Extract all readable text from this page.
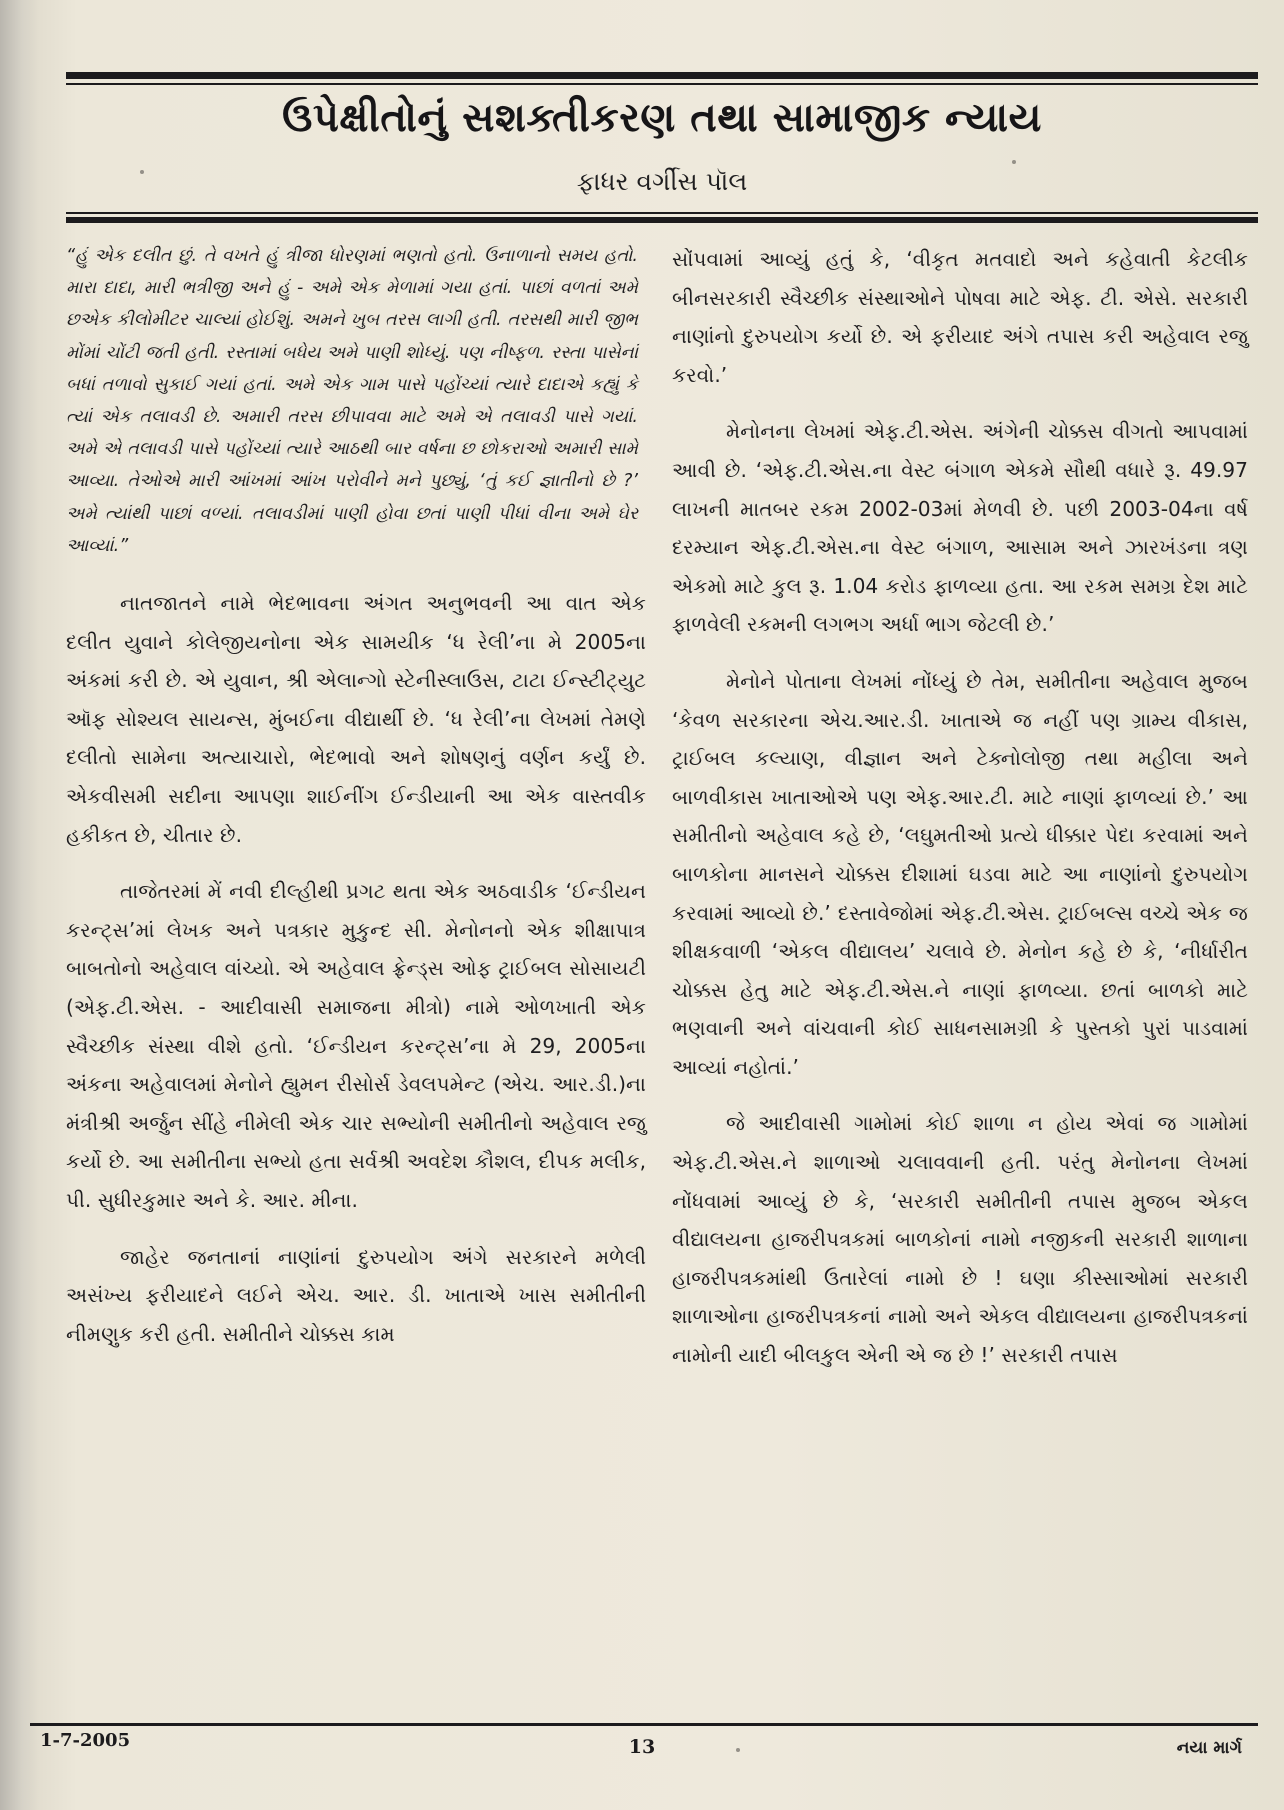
ઉપેક્ષીતોનું સશક્તીકરણ તથા સામાજીક ન્યાય
ફાધર વર્ગીસ પૉલ

“હું એક દલીત છું. તે વખતે હું ત્રીજા ધોરણમાં ભણતો હતો. ઉનાળાનો સમય હતો. મારા દાદા, મારી ભત્રીજી અને હું - અમે એક મેળામાં ગયા હતાં. પાછાં વળતાં અમે છએક કીલોમીટર ચાલ્યાં હોઈશું. અમને ખુબ તરસ લાગી હતી. તરસથી મારી જીભ મોંમાં ચોંટી જતી હતી. રસ્તામાં બધેય અમે પાણી શોધ્યું. પણ નીષ્ફળ. રસ્તા પાસેનાં બધાં તળાવો સુકાઈ ગયાં હતાં. અમે એક ગામ પાસે પહોંચ્યાં ત્યારે દાદાએ કહ્યું કે ત્યાં એક તલાવડી છે. અમારી તરસ છીપાવવા માટે અમે એ તલાવડી પાસે ગયાં. અમે એ તલાવડી પાસે પહોંચ્યાં ત્યારે આઠથી બાર વર્ષના છ છોકરાઓ અમારી સામે આવ્યા. તેઓએ મારી આંખમાં આંખ પરોવીને મને પુછ્યું, ‘તું કઈ જ્ઞાતીનો છે ?’ અમે ત્યાંથી પાછાં વળ્યાં. તલાવડીમાં પાણી હોવા છતાં પાણી પીધાં વીના અમે ઘેર આવ્યાં.”

નાતજાતને નામે ભેદભાવના અંગત અનુભવની આ વાત એક દલીત યુવાને કોલેજીયનોના એક સામયીક ‘ધ રેલી’ના મે 2005ના અંકમાં કરી છે. એ યુવાન, શ્રી એલાન્ગો સ્ટેનીસ્લાઉસ, ટાટા ઈન્સ્ટીટ્યુટ ઑફ સોશ્યલ સાયન્સ, મુંબઈના વીદ્યાર્થી છે. ‘ધ રેલી’ના લેખમાં તેમણે દલીતો સામેના અત્યાચારો, ભેદભાવો અને શોષણનું વર્ણન કર્યું છે. એકવીસમી સદીના આપણા શાઈનીંગ ઈન્ડીયાની આ એક વાસ્તવીક હકીકત છે, ચીતાર છે.

તાજેતરમાં મેં નવી દીલ્હીથી પ્રગટ થતા એક અઠવાડીક ‘ઈન્ડીયન કરન્ટ્સ’માં લેખક અને પત્રકાર મુકુન્દ સી. મેનોનનો એક શીક્ષાપાત્ર બાબતોનો અહેવાલ વાંચ્યો. એ અહેવાલ ફ્રેન્ડ્સ ઓફ ટ્રાઈબલ સોસાયટી (એફ.ટી.એસ. - આદીવાસી સમાજના મીત્રો) નામે ઓળખાતી એક સ્વૈચ્છીક સંસ્થા વીશે હતો. ‘ઈન્ડીયન કરન્ટ્સ’ના મે 29, 2005ના અંકના અહેવાલમાં મેનોને હ્યુમન રીસોર્સ ડેવલપમેન્ટ (એચ. આર.ડી.)ના મંત્રીશ્રી અર્જુન સીંહે નીમેલી એક ચાર સભ્યોની સમીતીનો અહેવાલ રજુ કર્યો છે. આ સમીતીના સભ્યો હતા સર્વશ્રી અવદેશ કૌશલ, દીપક મલીક, પી. સુધીરકુમાર અને કે. આર. મીના.

જાહેર જનતાનાં નાણાંનાં દુરુપયોગ અંગે સરકારને મળેલી અસંખ્ય ફરીયાદને લઈને એચ. આર. ડી. ખાતાએ ખાસ સમીતીની નીમણુક કરી હતી. સમીતીને ચોક્કસ કામ

સોંપવામાં આવ્યું હતું કે, ‘વીકૃત મતવાદો અને કહેવાતી કેટલીક બીનસરકારી સ્વૈચ્છીક સંસ્થાઓને પોષવા માટે એફ. ટી. એસે. સરકારી નાણાંનો દુરુપયોગ કર્યો છે. એ ફરીયાદ અંગે તપાસ કરી અહેવાલ રજુ કરવો.’

મેનોનના લેખમાં એફ.ટી.એસ. અંગેની ચોક્કસ વીગતો આપવામાં આવી છે. ‘એફ.ટી.એસ.ના વેસ્ટ બંગાળ એકમે સૌથી વધારે રૂ. 49.97 લાખની માતબર રકમ 2002-03માં મેળવી છે. પછી 2003-04ના વર્ષ દરમ્યાન એફ.ટી.એસ.ના વેસ્ટ બંગાળ, આસામ અને ઝારખંડના ત્રણ એકમો માટે કુલ રૂ. 1.04 કરોડ ફાળવ્યા હતા. આ રકમ સમગ્ર દેશ માટે ફાળવેલી રકમની લગભગ અર્ધા ભાગ જેટલી છે.’

મેનોને પોતાના લેખમાં નોંધ્યું છે તેમ, સમીતીના અહેવાલ મુજબ ‘કેવળ સરકારના એચ.આર.ડી. ખાતાએ જ નહીં પણ ગ્રામ્ય વીકાસ, ટ્રાઈબલ કલ્યાણ, વીજ્ઞાન અને ટેક્નોલોજી તથા મહીલા અને બાળવીકાસ ખાતાઓએ પણ એફ.આર.ટી. માટે નાણાં ફાળવ્યાં છે.’ આ સમીતીનો અહેવાલ કહે છે, ‘લઘુમતીઓ પ્રત્યે ધીક્કાર પેદા કરવામાં અને બાળકોના માનસને ચોક્કસ દીશામાં ઘડવા માટે આ નાણાંનો દુરુપયોગ કરવામાં આવ્યો છે.’ દસ્તાવેજોમાં એફ.ટી.એસ. ટ્રાઈબલ્સ વચ્ચે એક જ શીક્ષકવાળી ‘એકલ વીદ્યાલય’ ચલાવે છે. મેનોન કહે છે કે, ‘નીર્ધારીત ચોક્કસ હેતુ માટે એફ.ટી.એસ.ને નાણાં ફાળવ્યા. છતાં બાળકો માટે ભણવાની અને વાંચવાની કોઈ સાધનસામગ્રી કે પુસ્તકો પુરાં પાડવામાં આવ્યાં નહોતાં.’

જે આદીવાસી ગામોમાં કોઈ શાળા ન હોય એવાં જ ગામોમાં એફ.ટી.એસ.ને શાળાઓ ચલાવવાની હતી. પરંતુ મેનોનના લેખમાં નોંધવામાં આવ્યું છે કે, ‘સરકારી સમીતીની તપાસ મુજબ એકલ વીદ્યાલયના હાજરીપત્રકમાં બાળકોનાં નામો નજીકની સરકારી શાળાના હાજરીપત્રકમાંથી ઉતારેલાં નામો છે ! ઘણા કીસ્સાઓમાં સરકારી શાળાઓના હાજરીપત્રકનાં નામો અને એકલ વીદ્યાલયના હાજરીપત્રકનાં નામોની યાદી બીલકુલ એની એ જ છે !’ સરકારી તપાસ

1-7-2005	13	નયા માર્ગ
